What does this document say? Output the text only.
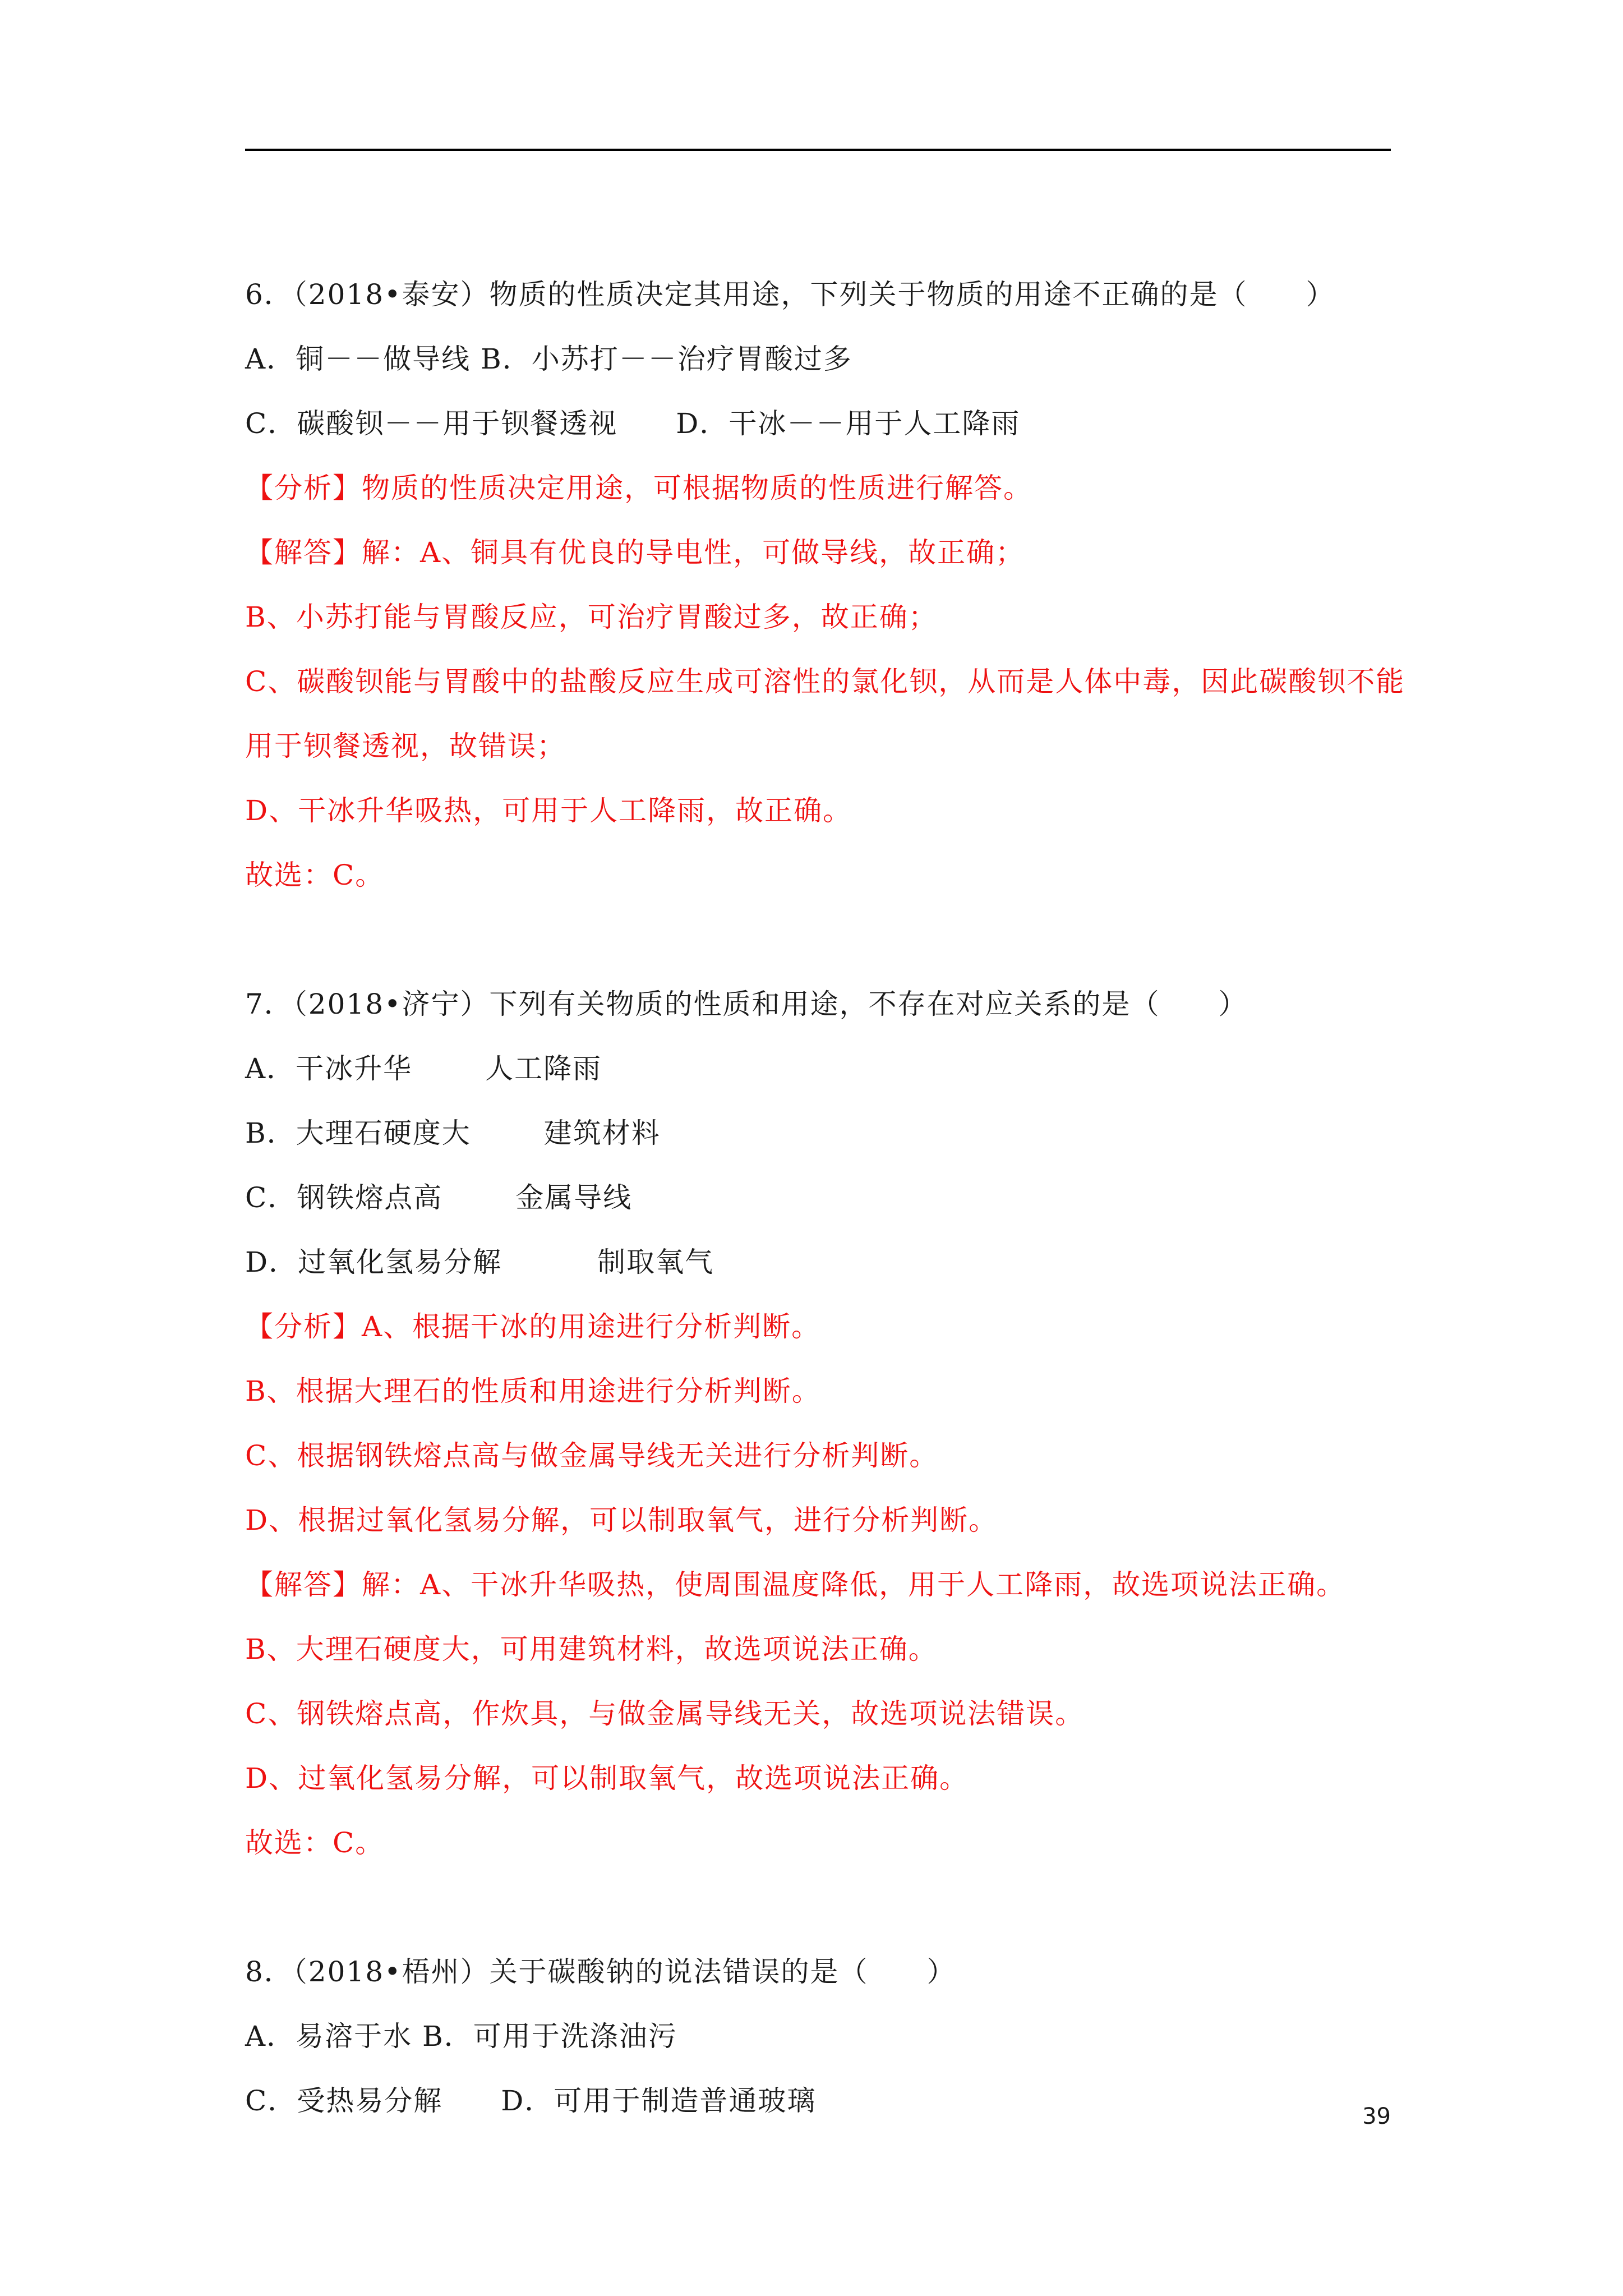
6．（2018•泰安）物质的性质决定其用途，下列关于物质的用途不正确的是（　　）
A．铜－－做导线 B．小苏打－－治疗胃酸过多
C．碳酸钡－－用于钡餐透视　　D．干冰－－用于人工降雨
【分析】物质的性质决定用途，可根据物质的性质进行解答。
【解答】解：A、铜具有优良的导电性，可做导线，故正确；
B、小苏打能与胃酸反应，可治疗胃酸过多，故正确；
C、碳酸钡能与胃酸中的盐酸反应生成可溶性的氯化钡，从而是人体中毒，因此碳酸钡不能
用于钡餐透视，故错误；
D、干冰升华吸热，可用于人工降雨，故正确。
故选：C。
7．（2018•济宁）下列有关物质的性质和用途，不存在对应关系的是（　　）
A．干冰升华	人工降雨
B．大理石硬度大	建筑材料
C．钢铁熔点高	金属导线
D．过氧化氢易分解	制取氧气
【分析】A、根据干冰的用途进行分析判断。
B、根据大理石的性质和用途进行分析判断。
C、根据钢铁熔点高与做金属导线无关进行分析判断。
D、根据过氧化氢易分解，可以制取氧气，进行分析判断。
【解答】解：A、干冰升华吸热，使周围温度降低，用于人工降雨，故选项说法正确。
B、大理石硬度大，可用建筑材料，故选项说法正确。
C、钢铁熔点高，作炊具，与做金属导线无关，故选项说法错误。
D、过氧化氢易分解，可以制取氧气，故选项说法正确。
故选：C。
8．（2018•梧州）关于碳酸钠的说法错误的是（　　）
A．易溶于水 B．可用于洗涤油污
C．受热易分解　　D．可用于制造普通玻璃	39
